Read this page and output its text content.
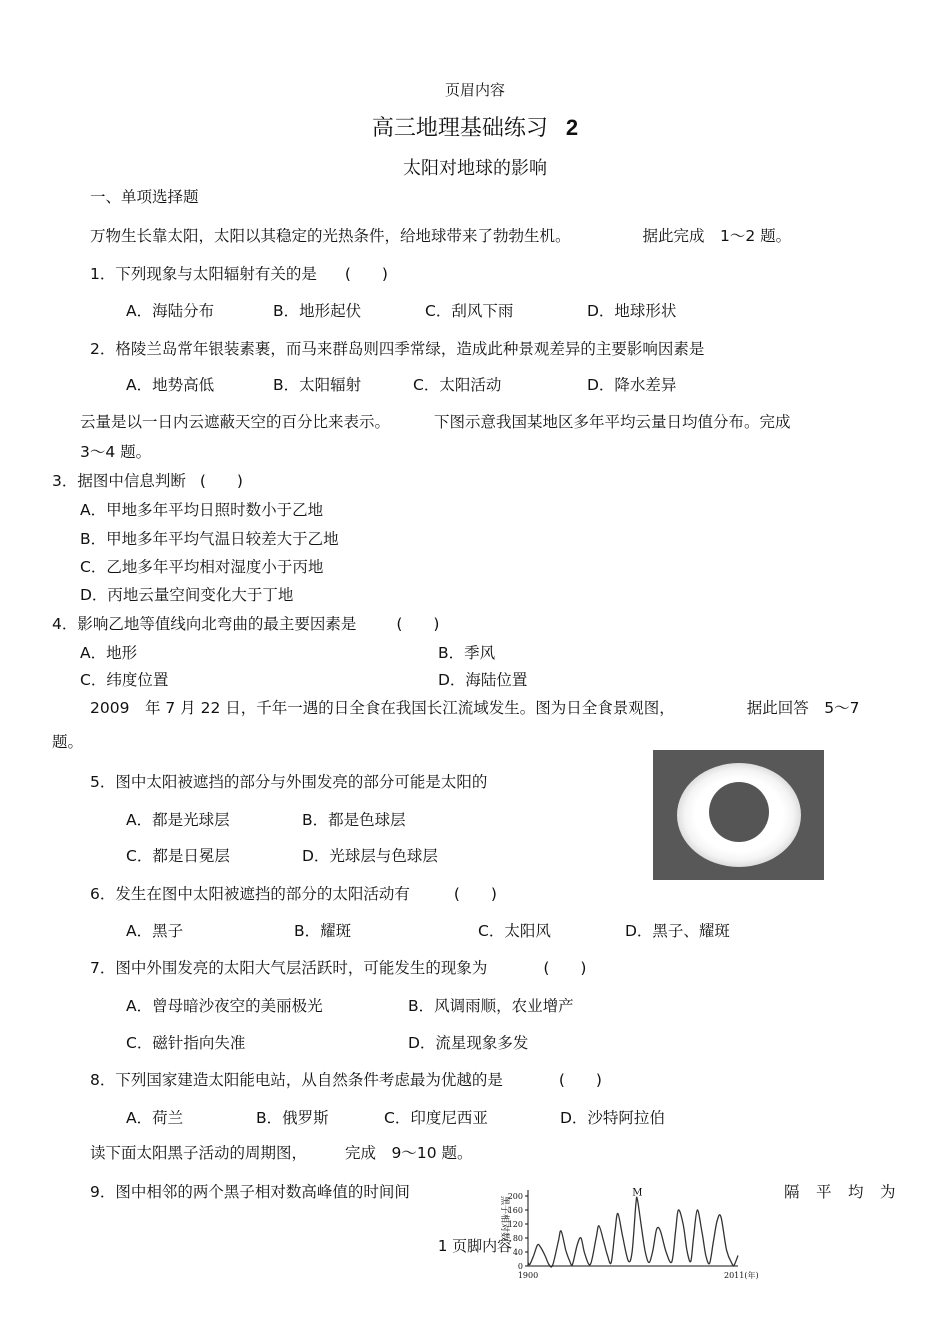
页眉内容
高三地理基础练习 2
太阳对地球的影响
一、单项选择题
万物生长靠太阳，太阳以其稳定的光热条件，给地球带来了勃勃生机。	据此完成　1～2 题。
1．下列现象与太阳辐射有关的是 (　　)
A．海陆分布	B．地形起伏	C．刮风下雨	D．地球形状
2．格陵兰岛常年银装素裹，而马来群岛则四季常绿，造成此种景观差异的主要影响因素是
A．地势高低	B．太阳辐射	C．太阳活动	D．降水差异
云量是以一日内云遮蔽天空的百分比来表示。	下图示意我国某地区多年平均云量日均值分布。完成
3～4 题。
3．据图中信息判断 (　　)
A．甲地多年平均日照时数小于乙地
B．甲地多年平均气温日较差大于乙地
C．乙地多年平均相对湿度小于丙地
D．丙地云量空间变化大于丁地
4．影响乙地等值线向北弯曲的最主要因素是	(　　)
A．地形	B．季风
C．纬度位置	D．海陆位置
2009　年 7 月 22 日，千年一遇的日全食在我国长江流域发生。图为日全食景观图，	据此回答　5～7
题。
5．图中太阳被遮挡的部分与外围发亮的部分可能是太阳的
A．都是光球层	B．都是色球层
C．都是日冕层	D．光球层与色球层
6．发生在图中太阳被遮挡的部分的太阳活动有	(　　)
A．黑子	B．耀斑	C．太阳风	D．黑子、耀斑
7．图中外围发亮的太阳大气层活跃时，可能发生的现象为	(　　)
A．曾母暗沙夜空的美丽极光	B．风调雨顺，农业增产
C．磁针指向失准	D．流星现象多发
8．下列国家建造太阳能电站，从自然条件考虑最为优越的是	(　　)
A．荷兰	B．俄罗斯	C．印度尼西亚	D．沙特阿拉伯
读下面太阳黑子活动的周期图， 完成　9～10 题。
9．图中相邻的两个黑子相对数高峰值的时间间	隔 平 均 为
黑子相对数
200
160
120
80
40
0
1900	2011(年)
M
1 页脚内容
